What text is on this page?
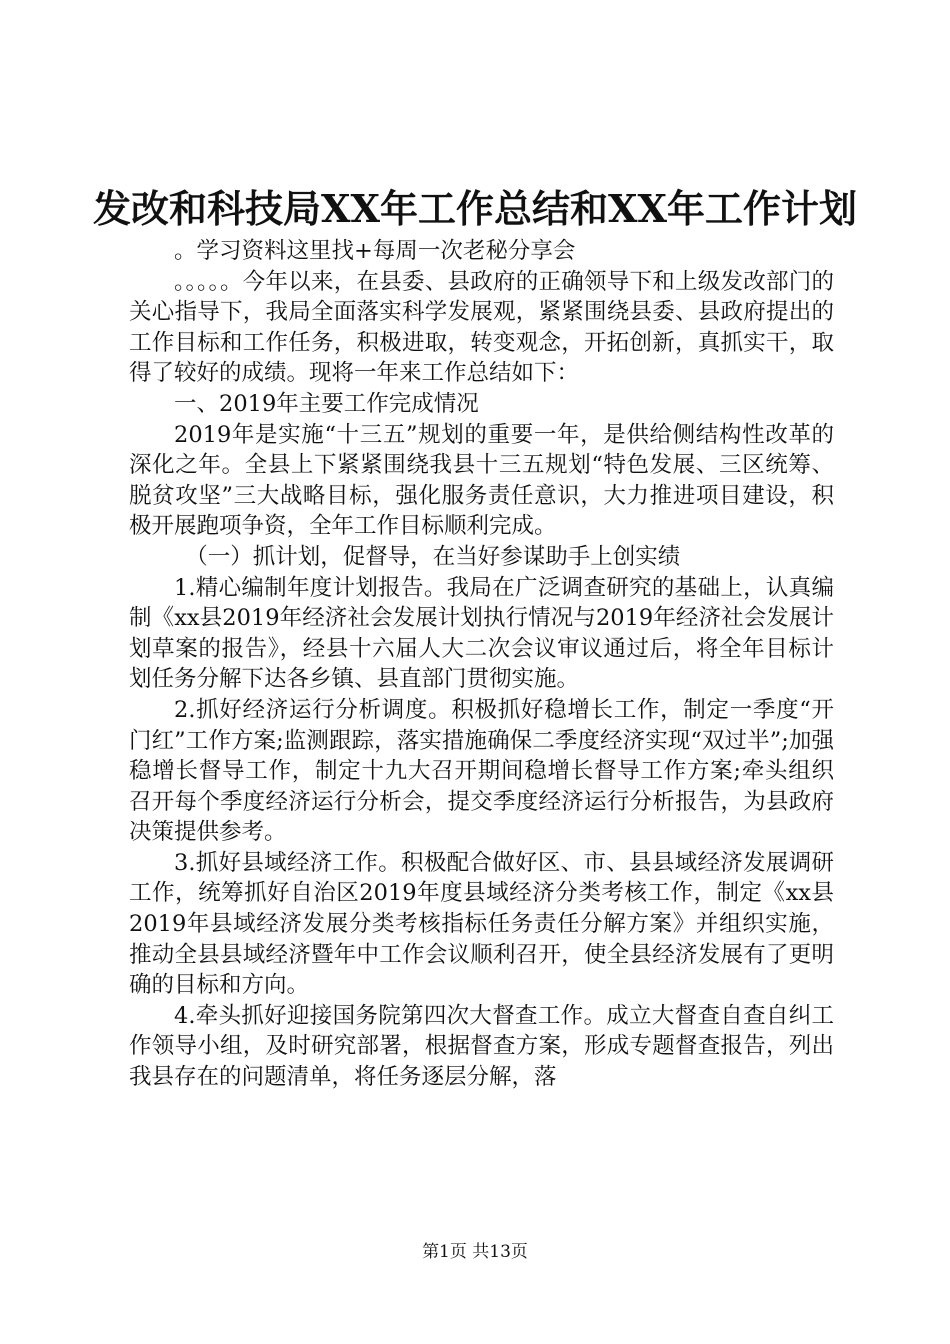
发改和科技局XX年工作总结和XX年工作计划

。学习资料这里找+每周一次老秘分享会

。。。。。今年以来，在县委、县政府的正确领导下和上级发改部门的关心指导下，我局全面落实科学发展观，紧紧围绕县委、县政府提出的工作目标和工作任务，积极进取，转变观念，开拓创新，真抓实干，取得了较好的成绩。现将一年来工作总结如下：

一、2019年主要工作完成情况

2019年是实施“十三五”规划的重要一年，是供给侧结构性改革的深化之年。全县上下紧紧围绕我县十三五规划“特色发展、三区统筹、脱贫攻坚”三大战略目标，强化服务责任意识，大力推进项目建设，积极开展跑项争资，全年工作目标顺利完成。

（一）抓计划，促督导，在当好参谋助手上创实绩

1.精心编制年度计划报告。我局在广泛调查研究的基础上，认真编制《xx县2019年经济社会发展计划执行情况与2019年经济社会发展计划草案的报告》，经县十六届人大二次会议审议通过后，将全年目标计划任务分解下达各乡镇、县直部门贯彻实施。

2.抓好经济运行分析调度。积极抓好稳增长工作，制定一季度“开门红”工作方案;监测跟踪，落实措施确保二季度经济实现“双过半”;加强稳增长督导工作，制定十九大召开期间稳增长督导工作方案;牵头组织召开每个季度经济运行分析会，提交季度经济运行分析报告，为县政府决策提供参考。

3.抓好县域经济工作。积极配合做好区、市、县县域经济发展调研工作，统筹抓好自治区2019年度县域经济分类考核工作，制定《xx县2019年县域经济发展分类考核指标任务责任分解方案》并组织实施，推动全县县域经济暨年中工作会议顺利召开，使全县经济发展有了更明确的目标和方向。

4.牵头抓好迎接国务院第四次大督查工作。成立大督查自查自纠工作领导小组，及时研究部署，根据督查方案，形成专题督查报告，列出我县存在的问题清单，将任务逐层分解，落

第1页 共13页
